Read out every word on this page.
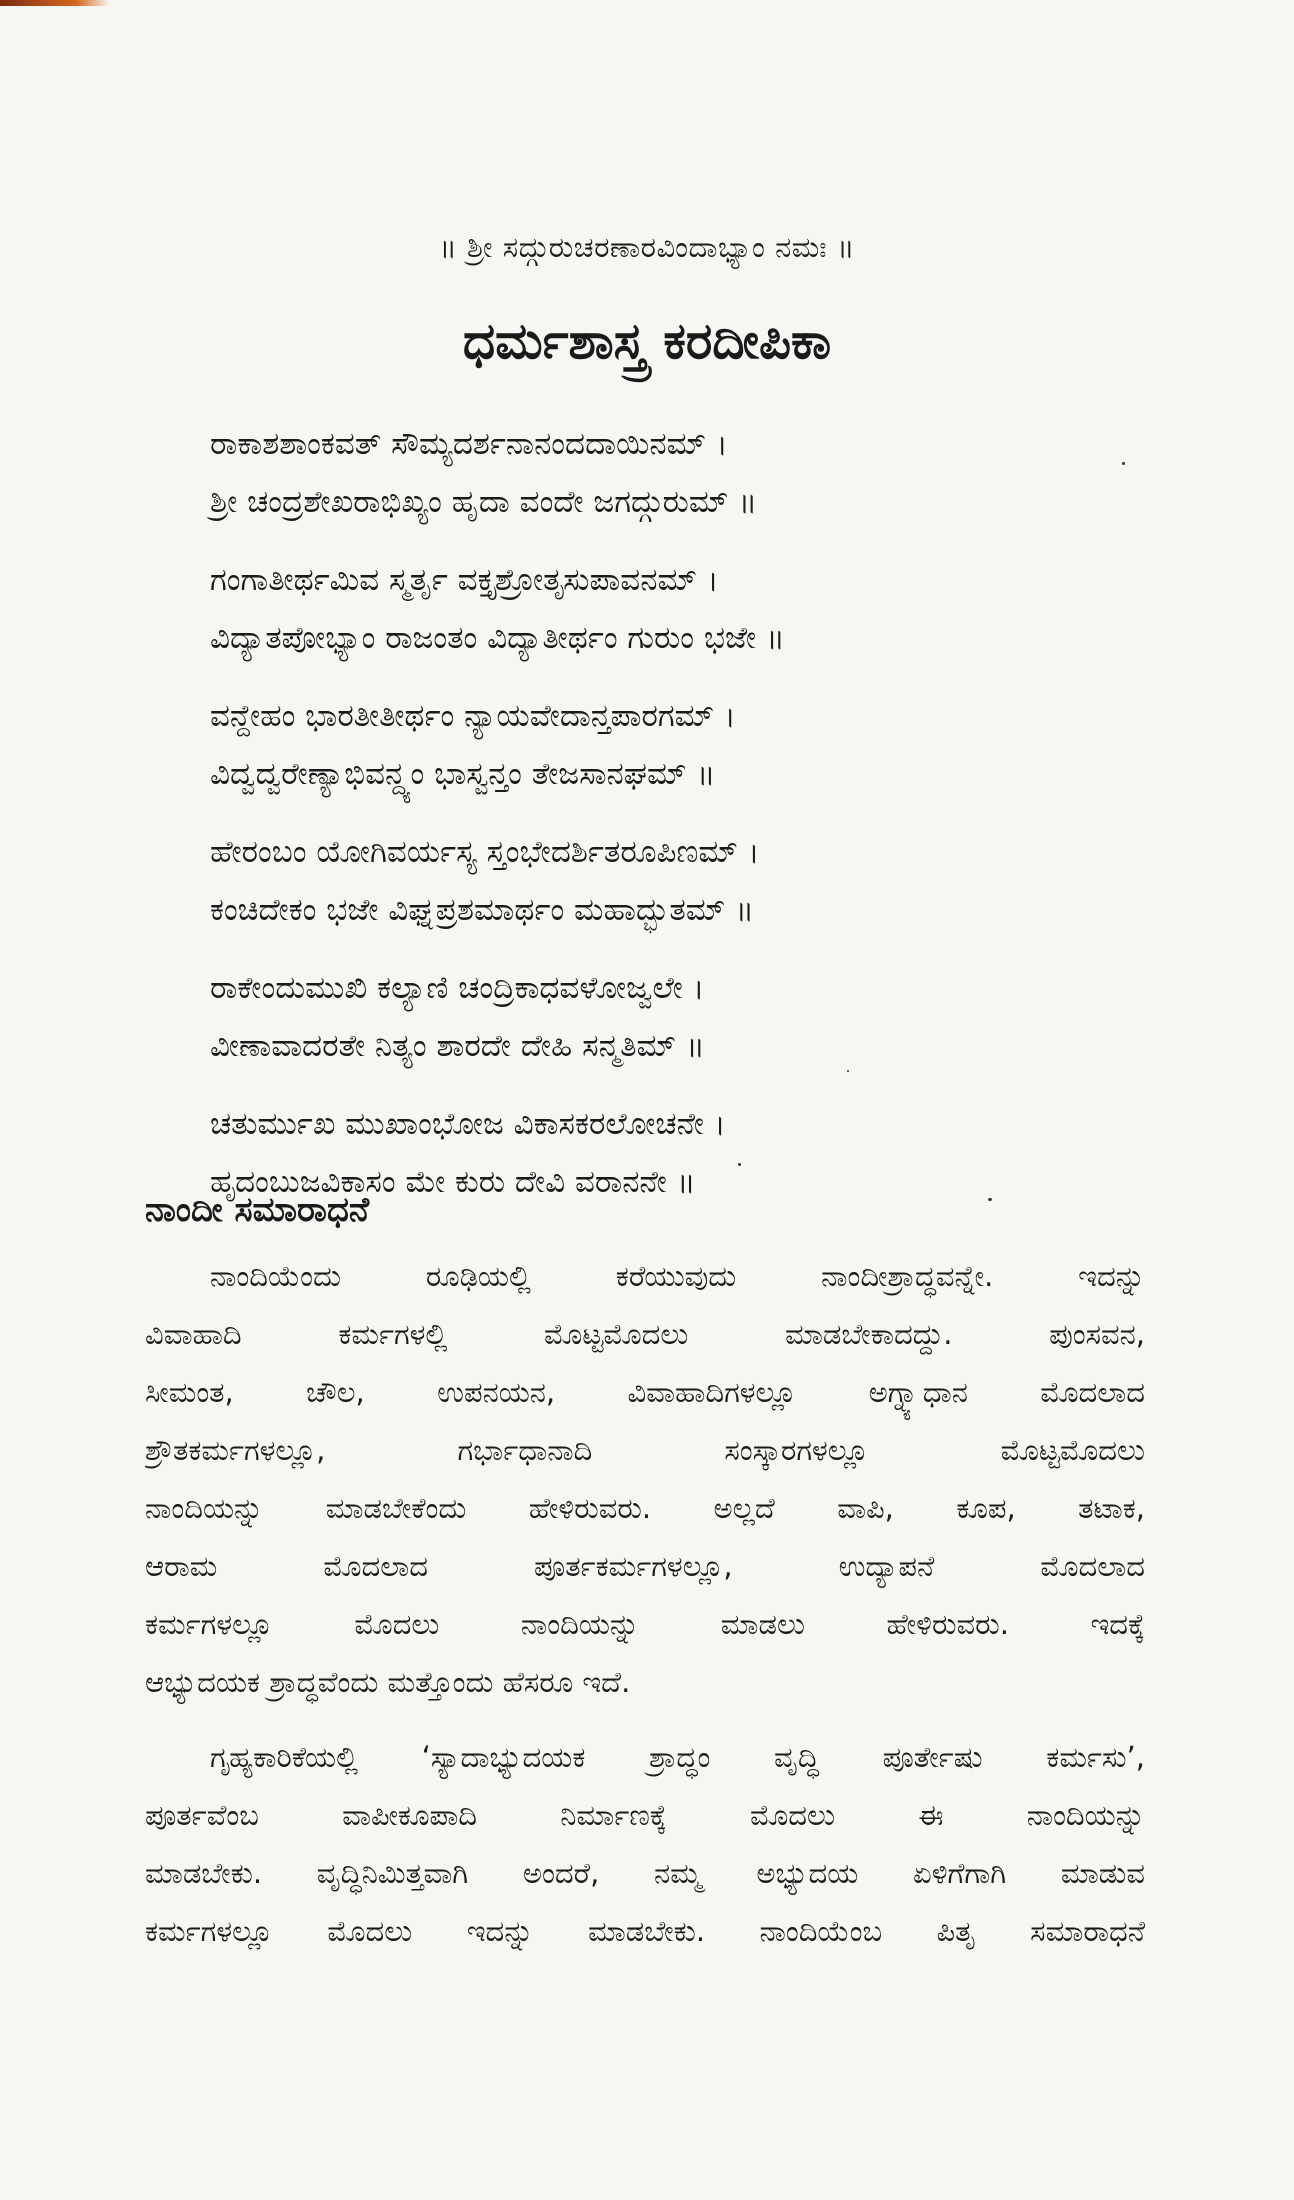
॥ ಶ್ರೀ ಸದ್ಗುರುಚರಣಾರವಿಂದಾಭ್ಯಾಂ ನಮಃ ॥
ಧರ್ಮಶಾಸ್ತ್ರ ಕರದೀಪಿಕಾ
ರಾಕಾಶಶಾಂಕವತ್ ಸೌಮ್ಯದರ್ಶನಾನಂದದಾಯಿನಮ್ ।
ಶ್ರೀ ಚಂದ್ರಶೇಖರಾಭಿಖ್ಯಂ ಹೃದಾ ವಂದೇ ಜಗದ್ಗುರುಮ್ ॥
ಗಂಗಾತೀರ್ಥಮಿವ ಸ್ಮರ್ತೃ ವಕ್ತೃಶ್ರೋತೃಸುಪಾವನಮ್ ।
ವಿದ್ಯಾತಪೋಭ್ಯಾಂ ರಾಜಂತಂ ವಿದ್ಯಾತೀರ್ಥಂ ಗುರುಂ ಭಜೇ ॥
ವನ್ದೇಹಂ ಭಾರತೀತೀರ್ಥಂ ನ್ಯಾಯವೇದಾನ್ತಪಾರಗಮ್ ।
ವಿದ್ವದ್ವರೇಣ್ಯಾಭಿವನ್ದ್ಯಂ ಭಾಸ್ವನ್ತಂ ತೇಜಸಾನಘಮ್ ॥
ಹೇರಂಬಂ ಯೋಗಿವರ್ಯಸ್ಯ ಸ್ತಂಭೇದರ್ಶಿತರೂಪಿಣಮ್ ।
ಕಂಚಿದೇಕಂ ಭಜೇ ವಿಘ್ನಪ್ರಶಮಾರ್ಥಂ ಮಹಾದ್ಭುತಮ್ ॥
ರಾಕೇಂದುಮುಖಿ ಕಲ್ಯಾಣಿ ಚಂದ್ರಿಕಾಧವಳೋಜ್ವಲೇ ।
ವೀಣಾವಾದರತೇ ನಿತ್ಯಂ ಶಾರದೇ ದೇಹಿ ಸನ್ಮತಿಮ್ ॥
ಚತುರ್ಮುಖ ಮುಖಾಂಭೋಜ ವಿಕಾಸಕರಲೋಚನೇ ।
ಹೃದಂಬುಜವಿಕಾಸಂ ಮೇ ಕುರು ದೇವಿ ವರಾನನೇ ॥
ನಾಂದೀ ಸಮಾರಾಧನೆ
ನಾಂದಿಯೆಂದು ರೂಢಿಯಲ್ಲಿ ಕರೆಯುವುದು ನಾಂದೀಶ್ರಾದ್ಧವನ್ನೇ. ಇದನ್ನು
ವಿವಾಹಾದಿ ಕರ್ಮಗಳಲ್ಲಿ ಮೊಟ್ಟಮೊದಲು ಮಾಡಬೇಕಾದದ್ದು. ಪುಂಸವನ,
ಸೀಮಂತ, ಚೌಲ, ಉಪನಯನ, ವಿವಾಹಾದಿಗಳಲ್ಲೂ ಅಗ್ನ್ಯಾಧಾನ ಮೊದಲಾದ
ಶ್ರೌತಕರ್ಮಗಳಲ್ಲೂ, ಗರ್ಭಾಧಾನಾದಿ ಸಂಸ್ಕಾರಗಳಲ್ಲೂ ಮೊಟ್ಟಮೊದಲು
ನಾಂದಿಯನ್ನು ಮಾಡಬೇಕೆಂದು ಹೇಳಿರುವರು. ಅಲ್ಲದೆ ವಾಪಿ, ಕೂಪ, ತಟಾಕ,
ಆರಾಮ ಮೊದಲಾದ ಪೂರ್ತಕರ್ಮಗಳಲ್ಲೂ, ಉದ್ಯಾಪನೆ ಮೊದಲಾದ
ಕರ್ಮಗಳಲ್ಲೂ ಮೊದಲು ನಾಂದಿಯನ್ನು ಮಾಡಲು ಹೇಳಿರುವರು. ಇದಕ್ಕೆ
ಆಭ್ಯುದಯಕ ಶ್ರಾದ್ಧವೆಂದು ಮತ್ತೊಂದು ಹೆಸರೂ ಇದೆ.
ಗೃಹ್ಯಕಾರಿಕೆಯಲ್ಲಿ ‘ಸ್ಯಾದಾಭ್ಯುದಯಕ ಶ್ರಾದ್ಧಂ ವೃದ್ಧಿ ಪೂರ್ತೇಷು ಕರ್ಮಸು’,
ಪೂರ್ತವೆಂಬ ವಾಪೀಕೂಪಾದಿ ನಿರ್ಮಾಣಕ್ಕೆ ಮೊದಲು ಈ ನಾಂದಿಯನ್ನು
ಮಾಡಬೇಕು. ವೃದ್ಧಿನಿಮಿತ್ತವಾಗಿ ಅಂದರೆ, ನಮ್ಮ ಅಭ್ಯುದಯ ಏಳಿಗೆಗಾಗಿ ಮಾಡುವ
ಕರ್ಮಗಳಲ್ಲೂ ಮೊದಲು ಇದನ್ನು ಮಾಡಬೇಕು. ನಾಂದಿಯೆಂಬ ಪಿತೃ ಸಮಾರಾಧನೆ
